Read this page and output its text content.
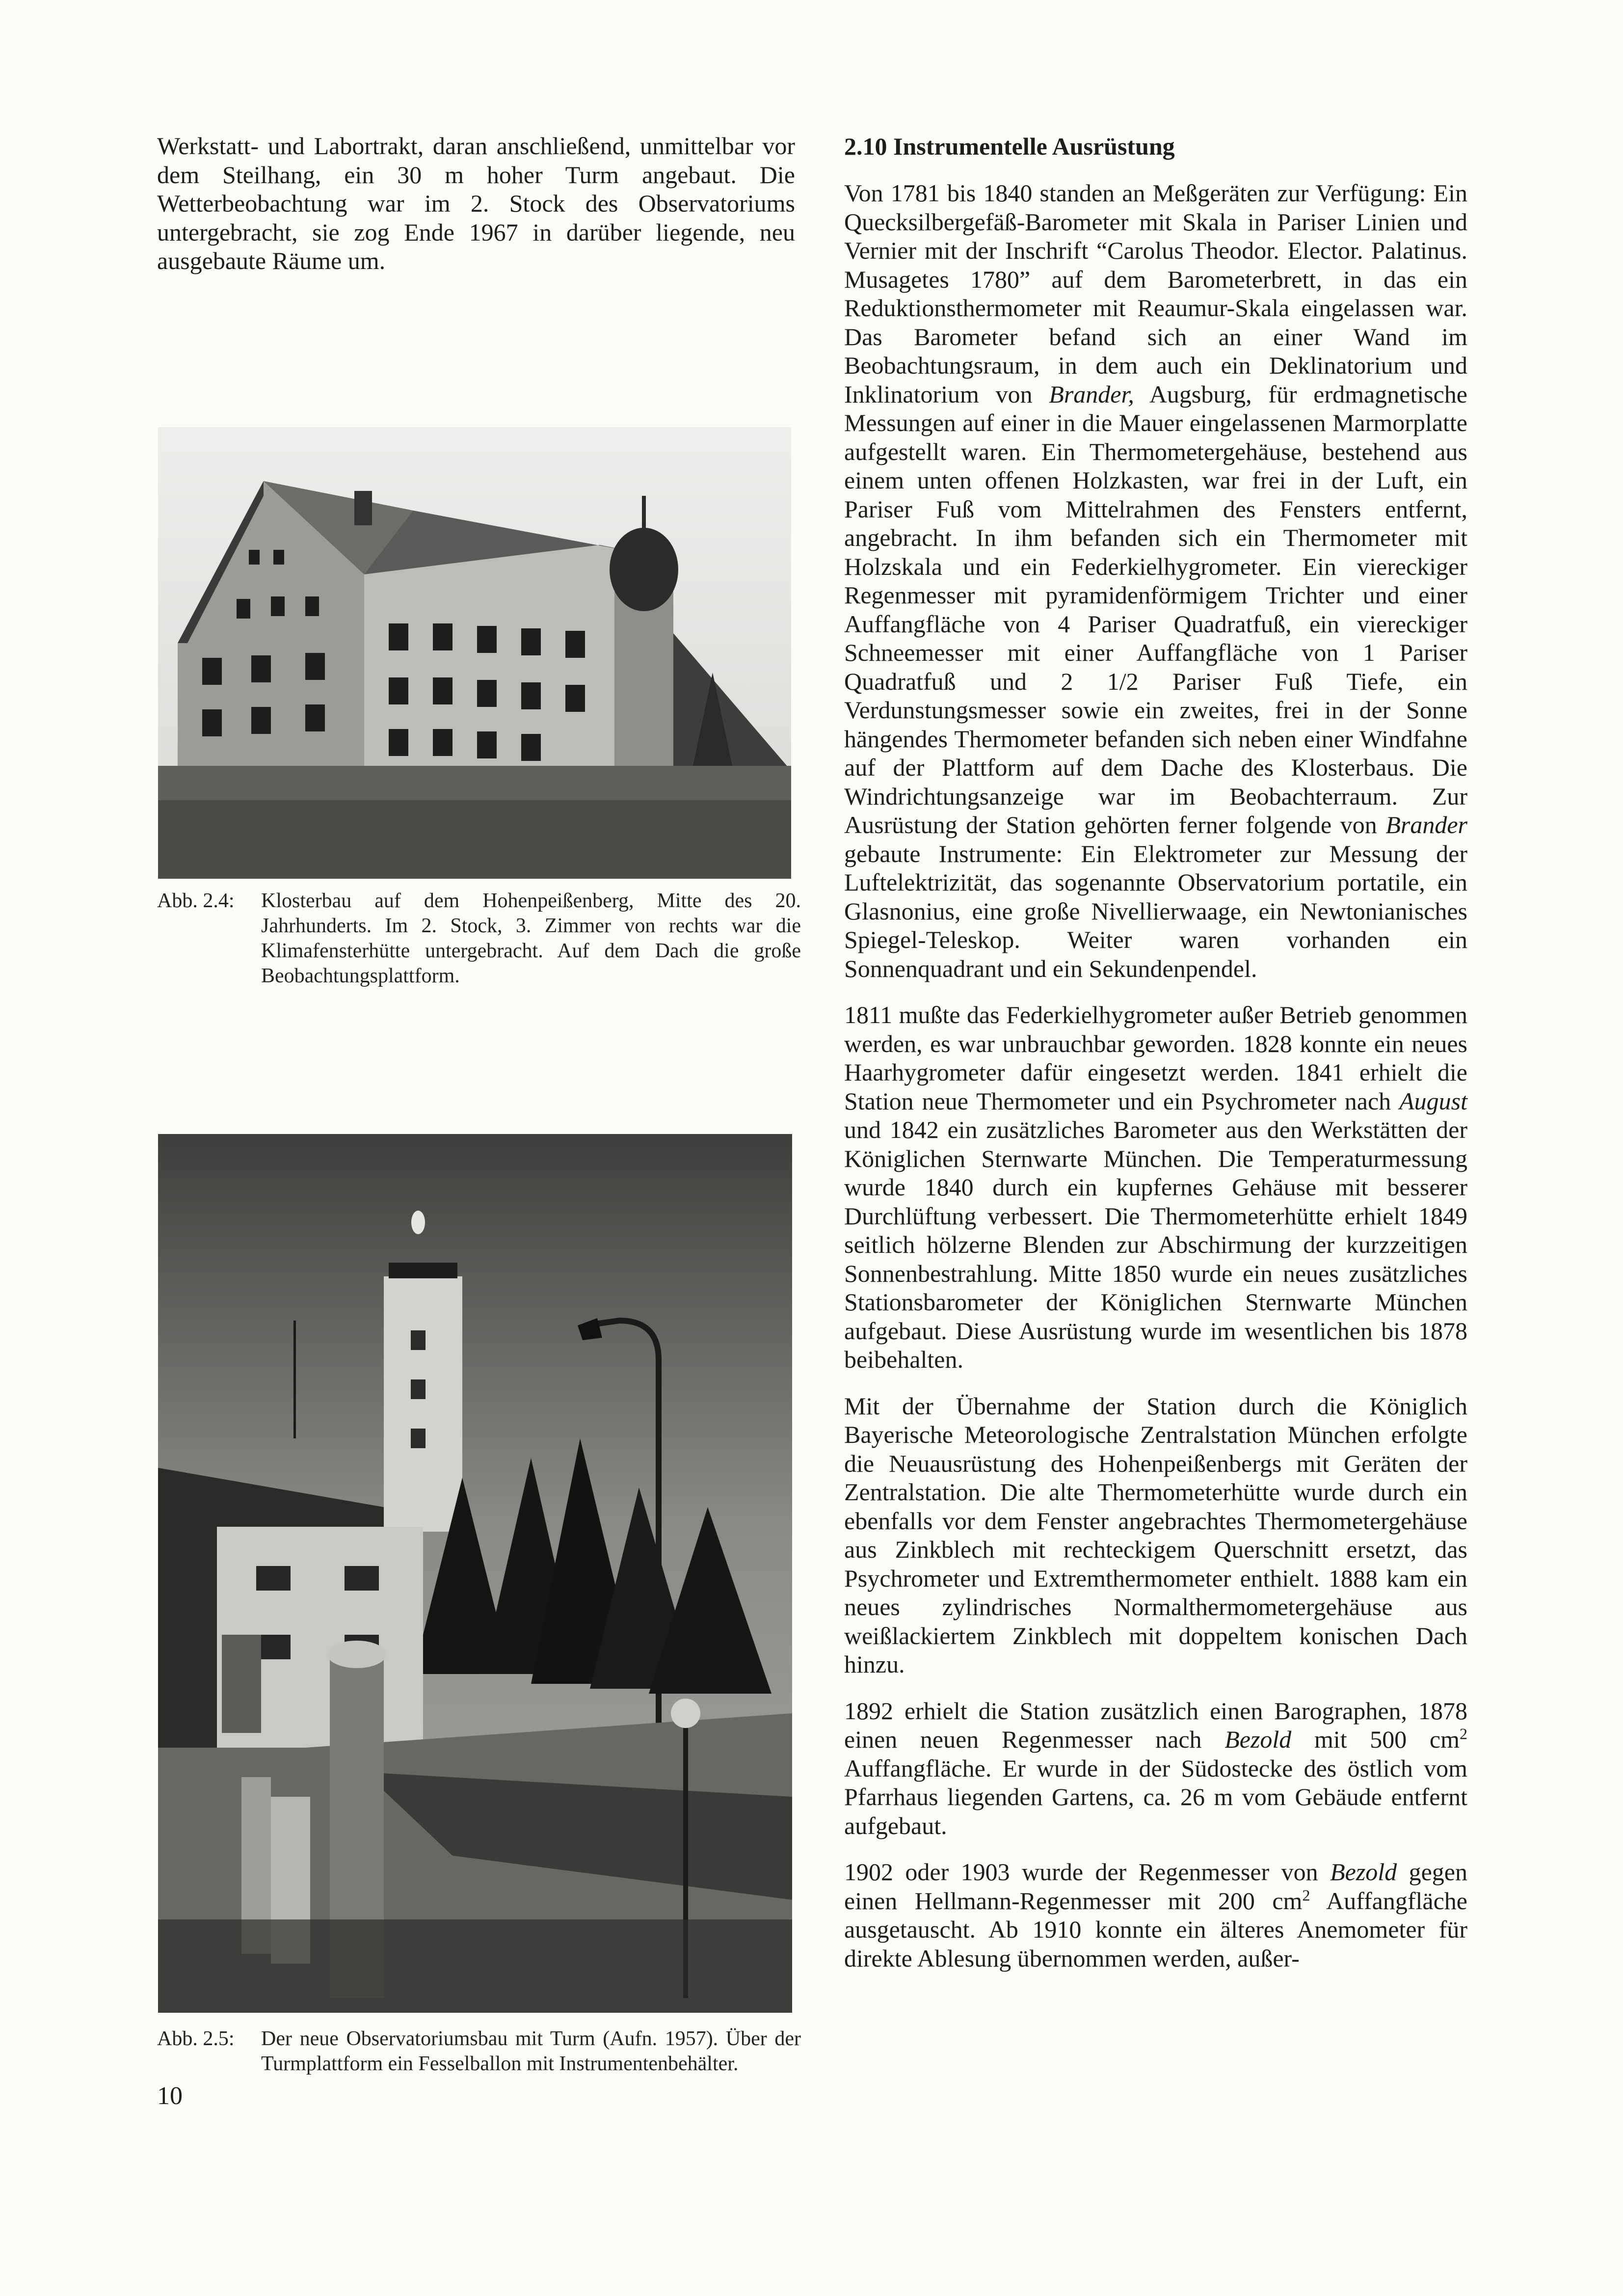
Werkstatt- und Labortrakt, daran anschließend, unmittelbar vor dem Steilhang, ein 30 m hoher Turm angebaut. Die Wetterbeobachtung war im 2. Stock des Observatoriums untergebracht, sie zog Ende 1967 in darüber liegende, neu ausgebaute Räume um.

Abb. 2.4: Klosterbau auf dem Hohenpeißenberg, Mitte des 20. Jahrhunderts. Im 2. Stock, 3. Zimmer von rechts war die Klimafensterhütte untergebracht. Auf dem Dach die große Beobachtungsplattform.
Abb. 2.5: Der neue Observatoriumsbau mit Turm (Aufn. 1957). Über der Turmplattform ein Fesselballon mit Instrumentenbehälter.
10
2.10 Instrumentelle Ausrüstung

Von 1781 bis 1840 standen an Meßgeräten zur Verfügung: Ein Quecksilbergefäß-Barometer mit Skala in Pariser Linien und Vernier mit der Inschrift “Carolus Theodor. Elector. Palatinus. Musagetes 1780” auf dem Barometerbrett, in das ein Reduktionsthermometer mit Reaumur-Skala eingelassen war. Das Barometer befand sich an einer Wand im Beobachtungsraum, in dem auch ein Deklinatorium und Inklinatorium von Brander, Augsburg, für erdmagnetische Messungen auf einer in die Mauer eingelassenen Marmorplatte aufgestellt waren. Ein Thermometergehäuse, bestehend aus einem unten offenen Holzkasten, war frei in der Luft, ein Pariser Fuß vom Mittelrahmen des Fensters entfernt, angebracht. In ihm befanden sich ein Thermometer mit Holzskala und ein Federkielhygrometer. Ein viereckiger Regenmesser mit pyramidenförmigem Trichter und einer Auffangfläche von 4 Pariser Quadratfuß, ein viereckiger Schneemesser mit einer Auffangfläche von 1 Pariser Quadratfuß und 2 1/2 Pariser Fuß Tiefe, ein Verdunstungsmesser sowie ein zweites, frei in der Sonne hängendes Thermometer befanden sich neben einer Windfahne auf der Plattform auf dem Dache des Klosterbaus. Die Windrichtungsanzeige war im Beobachterraum. Zur Ausrüstung der Station gehörten ferner folgende von Brander gebaute Instrumente: Ein Elektrometer zur Messung der Luftelektrizität, das sogenannte Observatorium portatile, ein Glasnonius, eine große Nivellierwaage, ein Newtonianisches Spiegel-Teleskop. Weiter waren vorhanden ein Sonnenquadrant und ein Sekundenpendel.

1811 mußte das Federkielhygrometer außer Betrieb genommen werden, es war unbrauchbar geworden. 1828 konnte ein neues Haarhygrometer dafür eingesetzt werden. 1841 erhielt die Station neue Thermometer und ein Psychrometer nach August und 1842 ein zusätzliches Barometer aus den Werkstätten der Königlichen Sternwarte München. Die Temperaturmessung wurde 1840 durch ein kupfernes Gehäuse mit besserer Durchlüftung verbessert. Die Thermometerhütte erhielt 1849 seitlich hölzerne Blenden zur Abschirmung der kurzzeitigen Sonnenbestrahlung. Mitte 1850 wurde ein neues zusätzliches Stationsbarometer der Königlichen Sternwarte München aufgebaut. Diese Ausrüstung wurde im wesentlichen bis 1878 beibehalten.

Mit der Übernahme der Station durch die Königlich Bayerische Meteorologische Zentralstation München erfolgte die Neuausrüstung des Hohenpeißenbergs mit Geräten der Zentralstation. Die alte Thermometerhütte wurde durch ein ebenfalls vor dem Fenster angebrachtes Thermometergehäuse aus Zinkblech mit rechteckigem Querschnitt ersetzt, das Psychrometer und Extremthermometer enthielt. 1888 kam ein neues zylindrisches Normalthermometergehäuse aus weißlackiertem Zinkblech mit doppeltem konischen Dach hinzu.

1892 erhielt die Station zusätzlich einen Barographen, 1878 einen neuen Regenmesser nach Bezold mit 500 $cm^2$ Auffangfläche. Er wurde in der Südostecke des östlich vom Pfarrhaus liegenden Gartens, ca. 26 m vom Gebäude entfernt aufgebaut.

1902 oder 1903 wurde der Regenmesser von Bezold gegen einen Hellmann-Regenmesser mit 200 $cm^2$ Auffangfläche ausgetauscht. Ab 1910 konnte ein älteres Anemometer für direkte Ablesung übernommen werden, außer-
